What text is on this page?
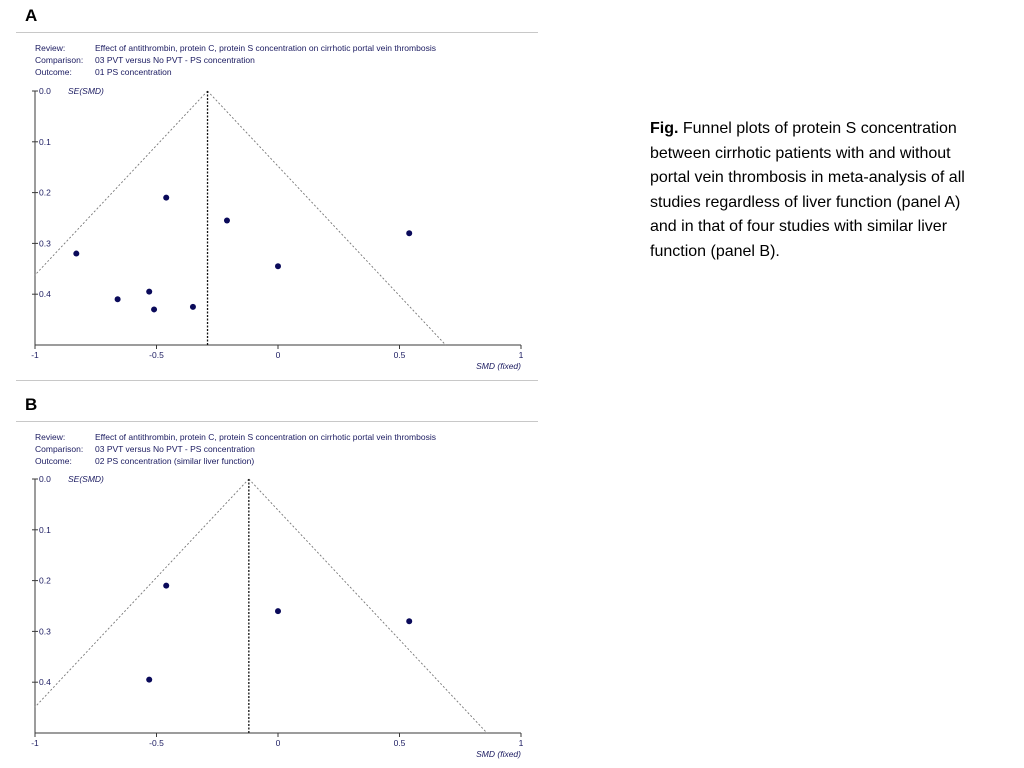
A
Review:	Effect of antithrombin, protein C, protein S concentration on cirrhotic portal vein thrombosis
Comparison: 03 PVT versus No PVT - PS concentration
Outcome:	01 PS concentration
0.0
0.1
0.2
0.3
0.4
SE(SMD)
-1	-0.5	0	0.5	1
SMD (fixed)
B
Review:	Effect of antithrombin, protein C, protein S concentration on cirrhotic portal vein thrombosis
Comparison: 03 PVT versus No PVT - PS concentration
Outcome:	02 PS concentration (similar liver function)
0.0
0.1
0.2
0.3
0.4
SE(SMD)
-1	-0.5	0	0.5	1
SMD (fixed)
Fig. Funnel plots of protein S concentration between cirrhotic patients with and without portal vein thrombosis in meta-analysis of all studies regardless of liver function (panel A) and in that of four studies with similar liver function (panel B).
